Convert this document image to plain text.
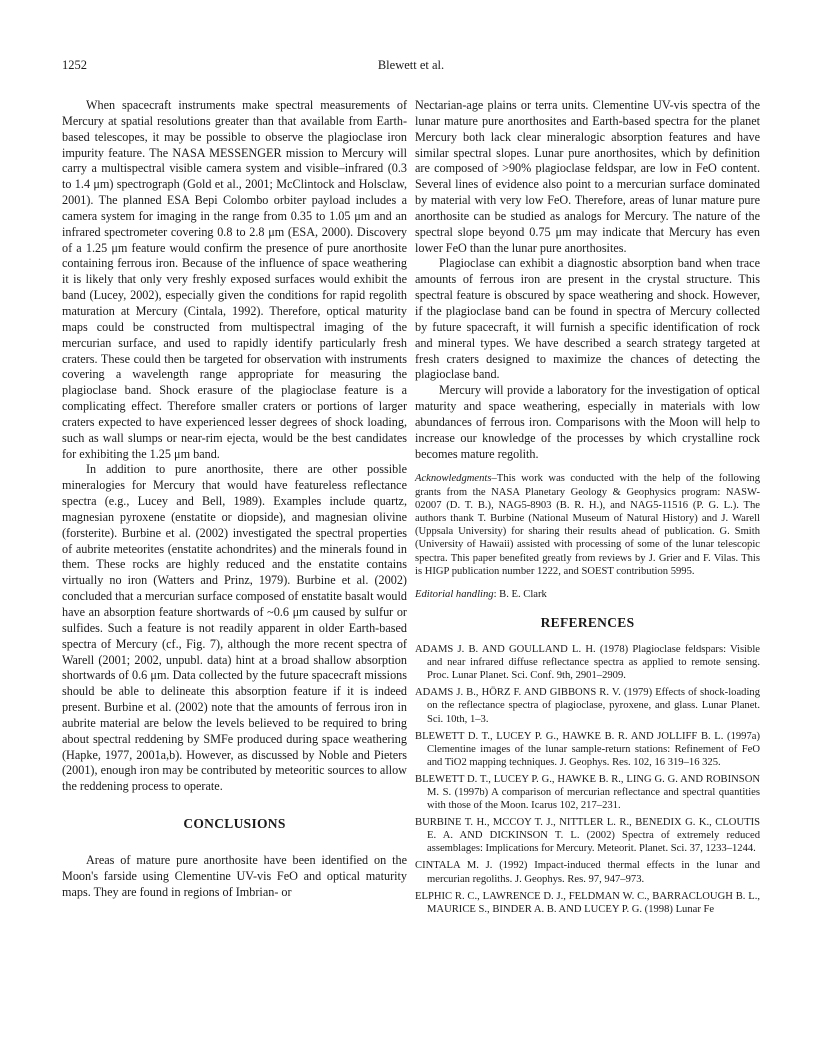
1252	Blewett et al.

When spacecraft instruments make spectral measurements of Mercury at spatial resolutions greater than that available from Earth-based telescopes, it may be possible to observe the plagioclase iron impurity feature. The NASA MESSENGER mission to Mercury will carry a multispectral visible camera system and visible–infrared (0.3 to 1.4 μm) spectrograph (Gold et al., 2001; McClintock and Holsclaw, 2001). The planned ESA Bepi Colombo orbiter payload includes a camera system for imaging in the range from 0.35 to 1.05 μm and an infrared spectrometer covering 0.8 to 2.8 μm (ESA, 2000). Discovery of a 1.25 μm feature would confirm the presence of pure anorthosite containing ferrous iron. Because of the influence of space weathering it is likely that only very freshly exposed surfaces would exhibit the band (Lucey, 2002), especially given the conditions for rapid regolith maturation at Mercury (Cintala, 1992). Therefore, optical maturity maps could be constructed from multispectral imaging of the mercurian surface, and used to rapidly identify particularly fresh craters. These could then be targeted for observation with instruments covering a wavelength range appropriate for measuring the plagioclase band. Shock erasure of the plagioclase feature is a complicating effect. Therefore smaller craters or portions of larger craters expected to have experienced lesser degrees of shock loading, such as wall slumps or near-rim ejecta, would be the best candidates for exhibiting the 1.25 μm band.

In addition to pure anorthosite, there are other possible mineralogies for Mercury that would have featureless reflectance spectra (e.g., Lucey and Bell, 1989). Examples include quartz, magnesian pyroxene (enstatite or diopside), and magnesian olivine (forsterite). Burbine et al. (2002) investigated the spectral properties of aubrite meteorites (enstatite achondrites) and the minerals found in them. These rocks are highly reduced and the enstatite contains virtually no iron (Watters and Prinz, 1979). Burbine et al. (2002) concluded that a mercurian surface composed of enstatite basalt would have an absorption feature shortwards of ~0.6 μm caused by sulfur or sulfides. Such a feature is not readily apparent in older Earth-based spectra of Mercury (cf., Fig. 7), although the more recent spectra of Warell (2001; 2002, unpubl. data) hint at a broad shallow absorption shortwards of 0.6 μm. Data collected by the future spacecraft missions should be able to delineate this absorption feature if it is indeed present. Burbine et al. (2002) note that the amounts of ferrous iron in aubrite material are below the levels believed to be required to bring about spectral reddening by SMFe produced during space weathering (Hapke, 1977, 2001a,b). However, as discussed by Noble and Pieters (2001), enough iron may be contributed by meteoritic sources to allow the reddening process to operate.

CONCLUSIONS

Areas of mature pure anorthosite have been identified on the Moon's farside using Clementine UV-vis FeO and optical maturity maps. They are found in regions of Imbrian- or

Nectarian-age plains or terra units. Clementine UV-vis spectra of the lunar mature pure anorthosites and Earth-based spectra for the planet Mercury both lack clear mineralogic absorption features and have similar spectral slopes. Lunar pure anorthosites, which by definition are composed of >90% plagioclase feldspar, are low in FeO content. Several lines of evidence also point to a mercurian surface dominated by material with very low FeO. Therefore, areas of lunar mature pure anorthosite can be studied as analogs for Mercury. The nature of the spectral slope beyond 0.75 μm may indicate that Mercury has even lower FeO than the lunar pure anorthosites.

Plagioclase can exhibit a diagnostic absorption band when trace amounts of ferrous iron are present in the crystal structure. This spectral feature is obscured by space weathering and shock. However, if the plagioclase band can be found in spectra of Mercury collected by future spacecraft, it will furnish a specific identification of rock and mineral types. We have described a search strategy targeted at fresh craters designed to maximize the chances of detecting the plagioclase band.

Mercury will provide a laboratory for the investigation of optical maturity and space weathering, especially in materials with low abundances of ferrous iron. Comparisons with the Moon will help to increase our knowledge of the processes by which crystalline rock becomes mature regolith.

Acknowledgments–This work was conducted with the help of the following grants from the NASA Planetary Geology & Geophysics program: NASW-02007 (D. T. B.), NAG5-8903 (B. R. H.), and NAG5-11516 (P. G. L.). The authors thank T. Burbine (National Museum of Natural History) and J. Warell (Uppsala University) for sharing their results ahead of publication. G. Smith (University of Hawaii) assisted with processing of some of the lunar telescopic spectra. This paper benefited greatly from reviews by J. Grier and F. Vilas. This is HIGP publication number 1222, and SOEST contribution 5995.

Editorial handling: B. E. Clark

REFERENCES
ADAMS J. B. AND GOULLAND L. H. (1978) Plagioclase feldspars: Visible and near infrared diffuse reflectance spectra as applied to remote sensing. Proc. Lunar Planet. Sci. Conf. 9th, 2901–2909.
ADAMS J. B., HÖRZ F. AND GIBBONS R. V. (1979) Effects of shock-loading on the reflectance spectra of plagioclase, pyroxene, and glass. Lunar Planet. Sci. 10th, 1–3.
BLEWETT D. T., LUCEY P. G., HAWKE B. R. AND JOLLIFF B. L. (1997a) Clementine images of the lunar sample-return stations: Refinement of FeO and TiO2 mapping techniques. J. Geophys. Res. 102, 16 319–16 325.
BLEWETT D. T., LUCEY P. G., HAWKE B. R., LING G. G. AND ROBINSON M. S. (1997b) A comparison of mercurian reflectance and spectral quantities with those of the Moon. Icarus 102, 217–231.
BURBINE T. H., MCCOY T. J., NITTLER L. R., BENEDIX G. K., CLOUTIS E. A. AND DICKINSON T. L. (2002) Spectra of extremely reduced assemblages: Implications for Mercury. Meteorit. Planet. Sci. 37, 1233–1244.
CINTALA M. J. (1992) Impact-induced thermal effects in the lunar and mercurian regoliths. J. Geophys. Res. 97, 947–973.
ELPHIC R. C., LAWRENCE D. J., FELDMAN W. C., BARRACLOUGH B. L., MAURICE S., BINDER A. B. AND LUCEY P. G. (1998) Lunar Fe
